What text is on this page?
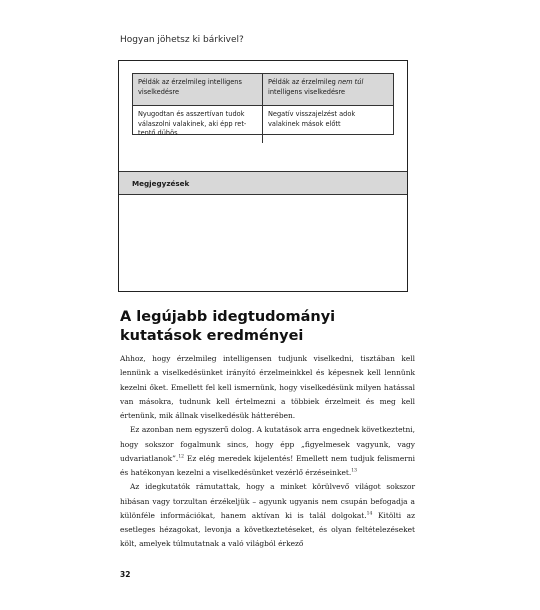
Hogyan jöhetsz ki bárkivel?
Példák az érzelmileg intelligens viselkedésre
Példák az érzelmileg nem túl intelligens viselkedésre
Nyugodtan és asszertívan tudok válaszolni valakinek, aki épp rettentő dühös
Negatív visszajelzést adok valakinek mások előtt
Megjegyzések
A legújabb idegtudományi kutatások eredményei

Ahhoz, hogy érzelmileg intelligensen tudjunk viselkedni, tisztában kell lennünk a viselkedésünket irányító érzelmeinkkel és képesnek kell lennünk kezelni őket. Emellett fel kell ismernünk, hogy viselkedésünk milyen hatással van másokra, tudnunk kell értelmezni a többiek érzelmeit és meg kell értenünk, mik állnak viselkedésük hátterében.

Ez azonban nem egyszerű dolog. A kutatások arra engednek következtetni, hogy sokszor fogalmunk sincs, hogy épp „figyelmesek vagyunk, vagy udvariatlanok”.$^{12}$ Ez elég meredek kijelentés! Emellett nem tudjuk felismerni és hatékonyan kezelni a viselkedésünket vezérlő érzéseinket.$^{13}$

Az idegkutatók rámutattak, hogy a minket körülvevő világot sokszor hibásan vagy torzultan érzékeljük – agyunk ugyanis nem csupán befogadja a különféle információkat, hanem aktívan ki is talál dolgokat.$^{14}$ Kitölti az esetleges hézagokat, levonja a következtetéseket, és olyan feltételezéseket költ, amelyek túlmutatnak a való világból érkező

32
